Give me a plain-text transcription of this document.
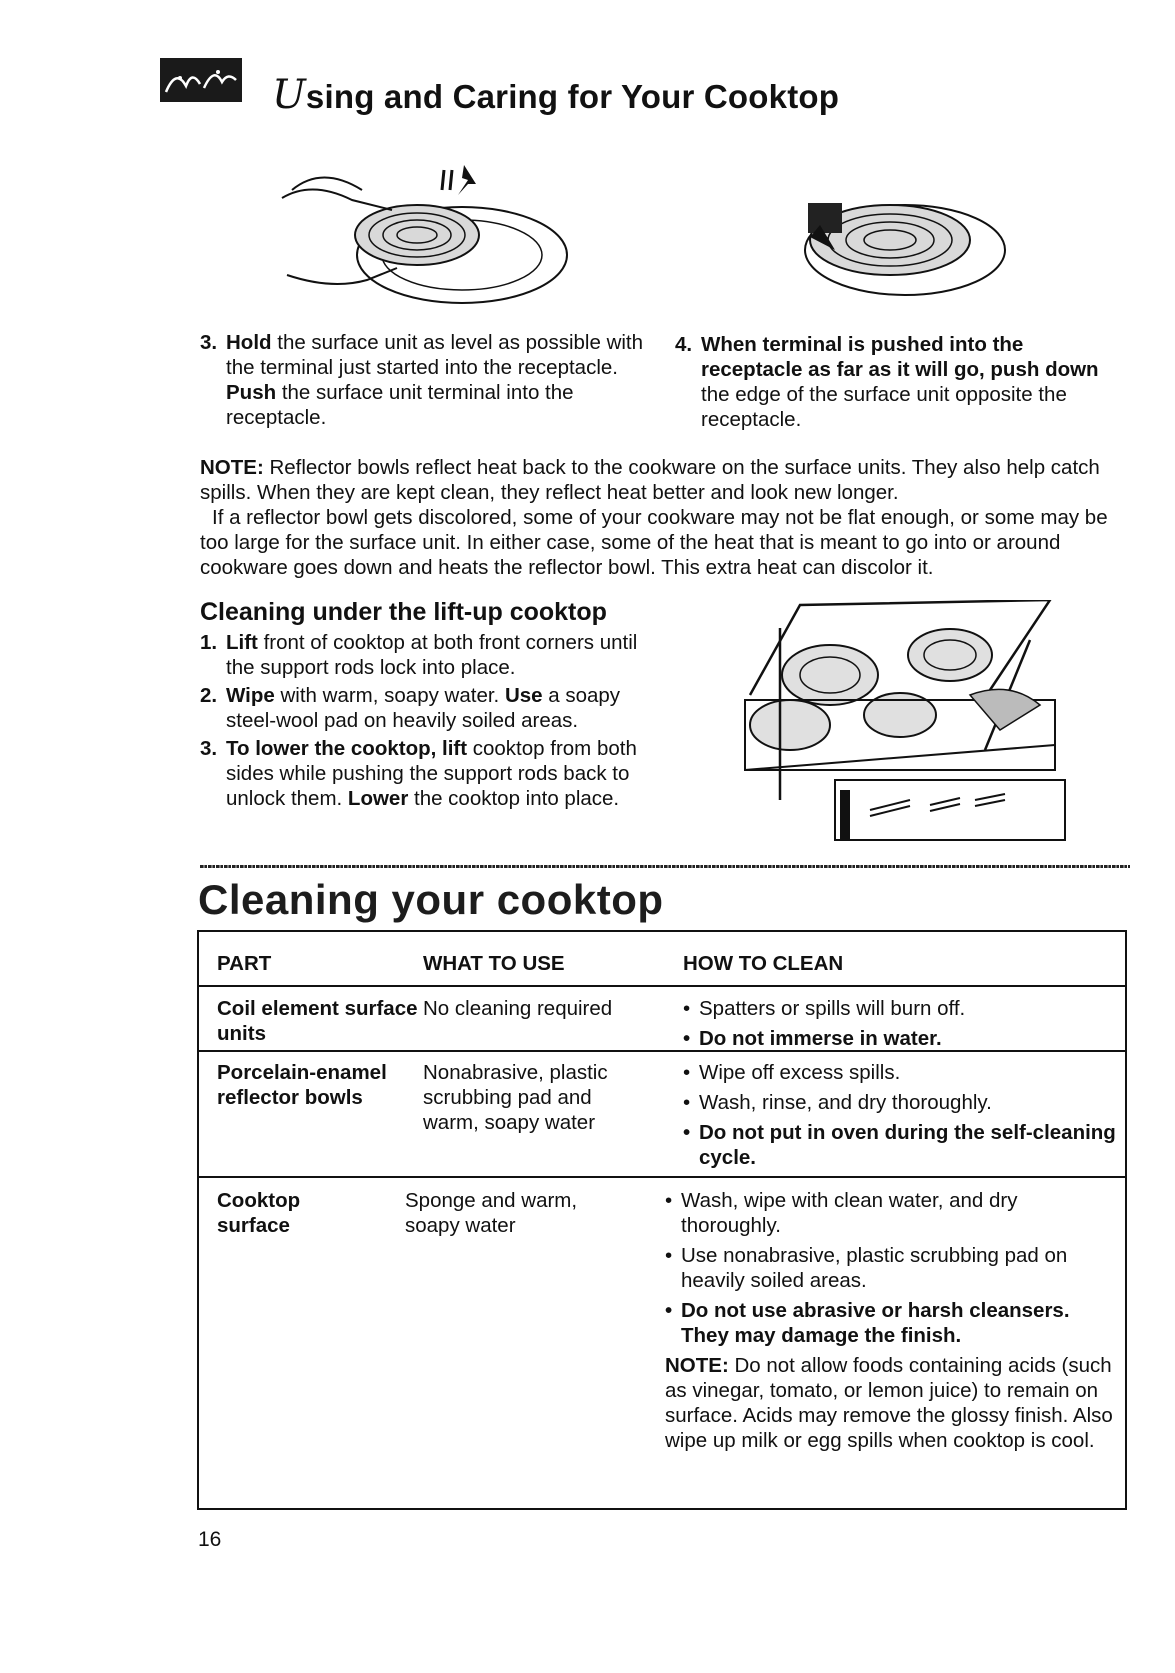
Using and Caring for Your Cooktop
3. Hold the surface unit as level as possible with the terminal just started into the receptacle. Push the surface unit terminal into the receptacle.
4. When terminal is pushed into the receptacle as far as it will go, push down the edge of the surface unit opposite the receptacle.

NOTE: Reflector bowls reflect heat back to the cookware on the surface units. They also help catch spills. When they are kept clean, they reflect heat better and look new longer.

If a reflector bowl gets discolored, some of your cookware may not be flat enough, or some may be too large for the surface unit. In either case, some of the heat that is meant to go into or around cookware goes down and heats the reflector bowl. This extra heat can discolor it.

Cleaning under the lift-up cooktop
1. Lift front of cooktop at both front corners until the support rods lock into place.
2. Wipe with warm, soapy water. Use a soapy steel-wool pad on heavily soiled areas.
3. To lower the cooktop, lift cooktop from both sides while pushing the support rods back to unlock them. Lower the cooktop into place.
Cleaning your cooktop
PART	WHAT TO USE	HOW TO CLEAN
Coil element surface units
No cleaning required
•	Spatters or spills will burn off.
• Do not immerse in water.
Porcelain-enamel reflector bowls
Nonabrasive, plastic scrubbing pad and warm, soapy water
• Wipe off excess spills.
• Wash, rinse, and dry thoroughly.
• Do not put in oven during the self-cleaning cycle.
Cooktop surface
Sponge and warm, soapy water
• Wash, wipe with clean water, and dry thoroughly.
• Use nonabrasive, plastic scrubbing pad on heavily soiled areas.
• Do not use abrasive or harsh cleansers. They may damage the finish.
NOTE: Do not allow foods containing acids (such as vinegar, tomato, or lemon juice) to remain on surface. Acids may remove the glossy finish. Also wipe up milk or egg spills when cooktop is cool.
16
